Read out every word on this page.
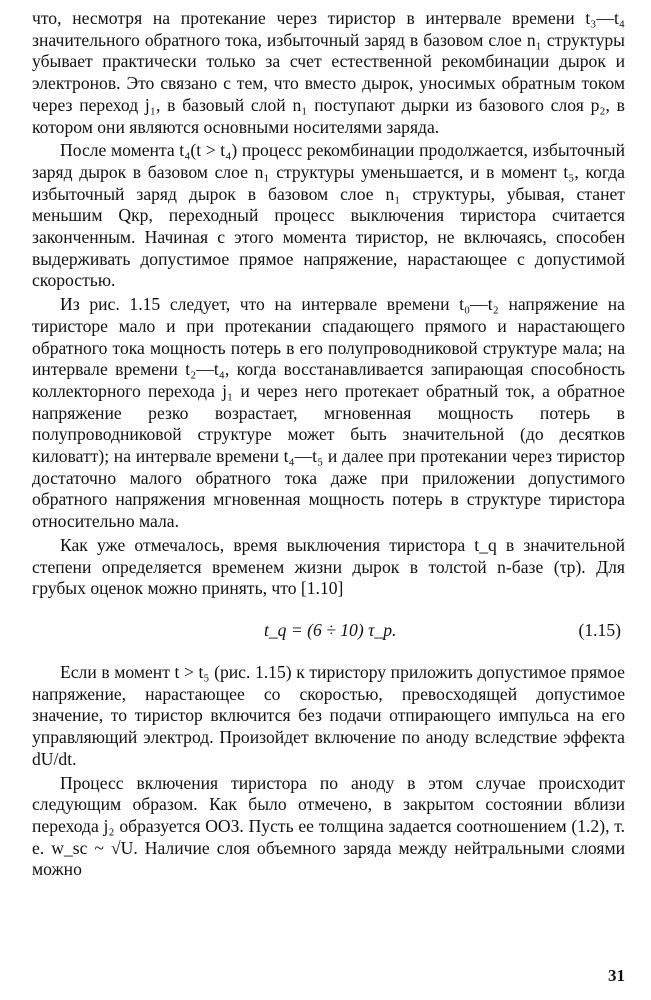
что, несмотря на протекание через тиристор в интервале времени t₃—t₄ значительного обратного тока, избыточный заряд в базовом слое n₁ структуры убывает практически только за счет естественной рекомбинации дырок и электронов. Это связано с тем, что вместо дырок, уносимых обратным током через переход j₁, в базовый слой n₁ поступают дырки из базового слоя p₂, в котором они являются основными носителями заряда.

После момента t₄(t > t₄) процесс рекомбинации продолжается, избыточный заряд дырок в базовом слое n₁ структуры уменьшается, и в момент t₅, когда избыточный заряд дырок в базовом слое n₁ структуры, убывая, станет меньшим Qкр, переходный процесс выключения тиристора считается законченным. Начиная с этого момента тиристор, не включаясь, способен выдерживать допустимое прямое напряжение, нарастающее с допустимой скоростью.

Из рис. 1.15 следует, что на интервале времени t₀—t₂ напряжение на тиристоре мало и при протекании спадающего прямого и нарастающего обратного тока мощность потерь в его полупроводниковой структуре мала; на интервале времени t₂—t₄, когда восстанавливается запирающая способность коллекторного перехода j₁ и через него протекает обратный ток, а обратное напряжение резко возрастает, мгновенная мощность потерь в полупроводниковой структуре может быть значительной (до десятков киловатт); на интервале времени t₄—t₅ и далее при протекании через тиристор достаточно малого обратного тока даже при приложении допустимого обратного напряжения мгновенная мощность потерь в структуре тиристора относительно мала.

Как уже отмечалось, время выключения тиристора t_q в значительной степени определяется временем жизни дырок в толстой n-базе (τp). Для грубых оценок можно принять, что [1.10]

t_q = (6 ÷ 10) τ_p.	(1.15)

Если в момент t > t₅ (рис. 1.15) к тиристору приложить допустимое прямое напряжение, нарастающее со скоростью, превосходящей допустимое значение, то тиристор включится без подачи отпирающего импульса на его управляющий электрод. Произойдет включение по аноду вследствие эффекта dU/dt.

Процесс включения тиристора по аноду в этом случае происходит следующим образом. Как было отмечено, в закрытом состоянии вблизи перехода j₂ образуется ООЗ. Пусть ее толщина задается соотношением (1.2), т. е. w_sc ~ √U. Наличие слоя объемного заряда между нейтральными слоями можно

31
